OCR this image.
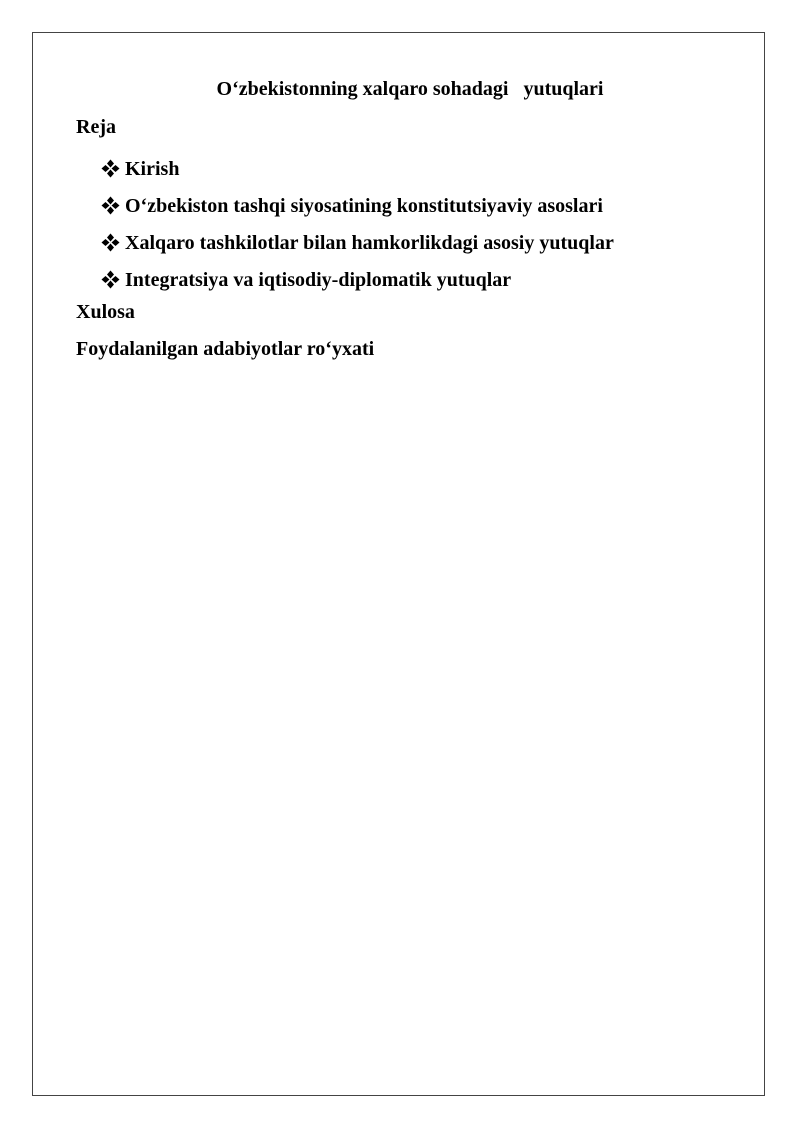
O‘zbekistonning xalqaro sohadagi   yutuqlari
Reja
Kirish
O‘zbekiston tashqi siyosatining konstitutsiyaviy asoslari
Xalqaro tashkilotlar bilan hamkorlikdagi asosiy yutuqlar
Integratsiya va iqtisodiy-diplomatik yutuqlar
Xulosa
Foydalanilgan adabiyotlar ro‘yxati
